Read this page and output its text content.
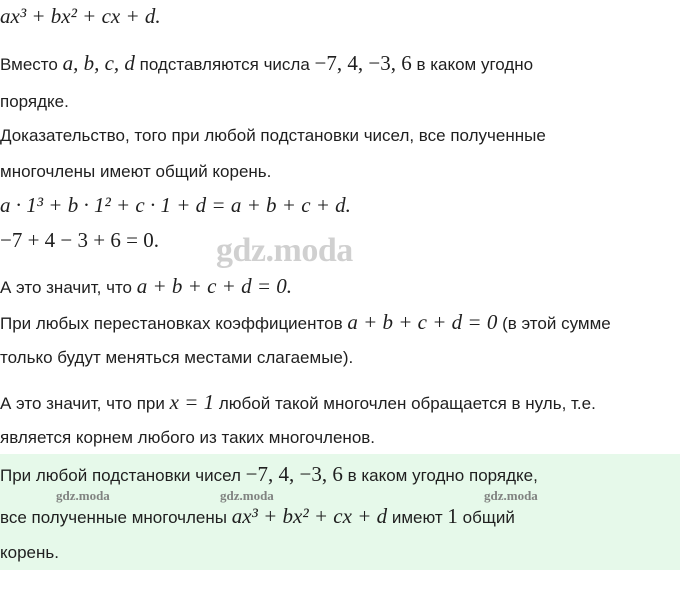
ax³ + bx² + cx + d.
Вместо a, b, c, d подставляются числа −7, 4, −3, 6 в каком угодно
порядке.
Доказательство, того при любой подстановки чисел, все полученные
многочлены имеют общий корень.
a · 1³ + b · 1² + c · 1 + d = a + b + c + d.
−7 + 4 − 3 + 6 = 0. gdz.moda
А это значит, что a + b + c + d = 0.
При любых перестановках коэффициентов a + b + c + d = 0 (в этой сумме
только будут меняться местами слагаемые).
А это значит, что при x = 1 любой такой многочлен обращается в нуль, т.е.
является корнем любого из таких многочленов.
При любой подстановки чисел −7, 4, −3, 6 в каком угодно порядке,
все полученные многочлены ax³ + bx² + cx + d имеют 1 общий
корень.
gdz.moda	gdz.moda	gdz.moda
